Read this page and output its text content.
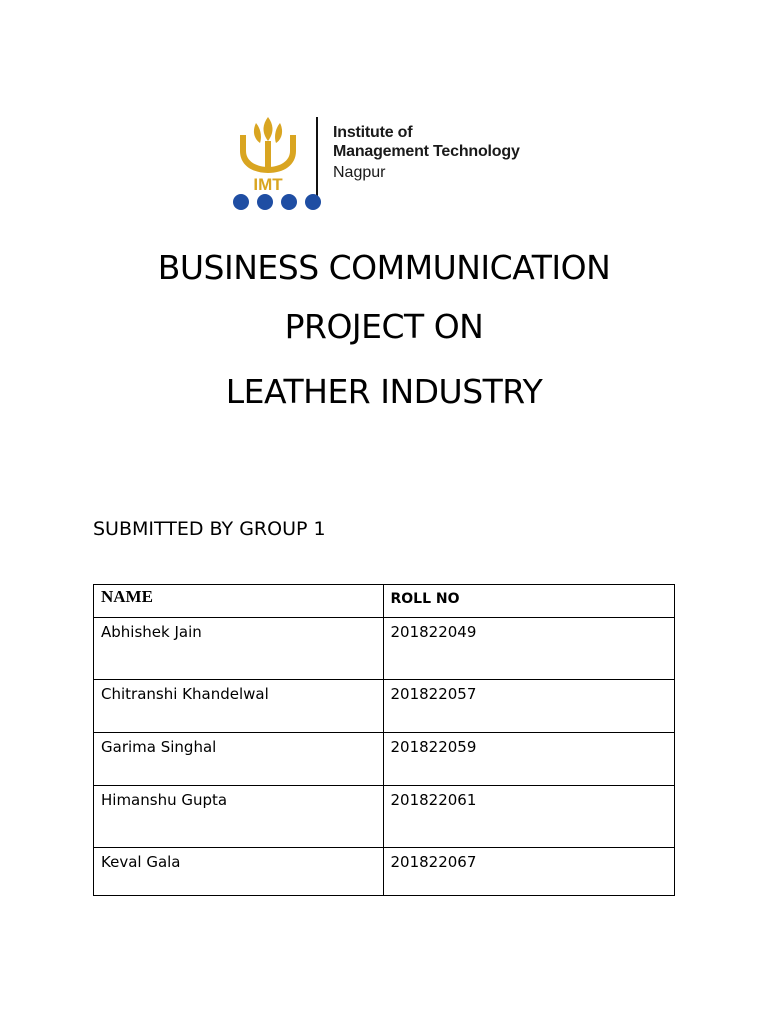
IMT
Institute of
Management Technology
Nagpur
BUSINESS COMMUNICATION
PROJECT ON
LEATHER INDUSTRY
SUBMITTED BY GROUP 1
NAME	ROLL NO
Abhishek Jain	201822049
Chitranshi Khandelwal	201822057
Garima Singhal	201822059
Himanshu Gupta	201822061
Keval Gala	201822067
